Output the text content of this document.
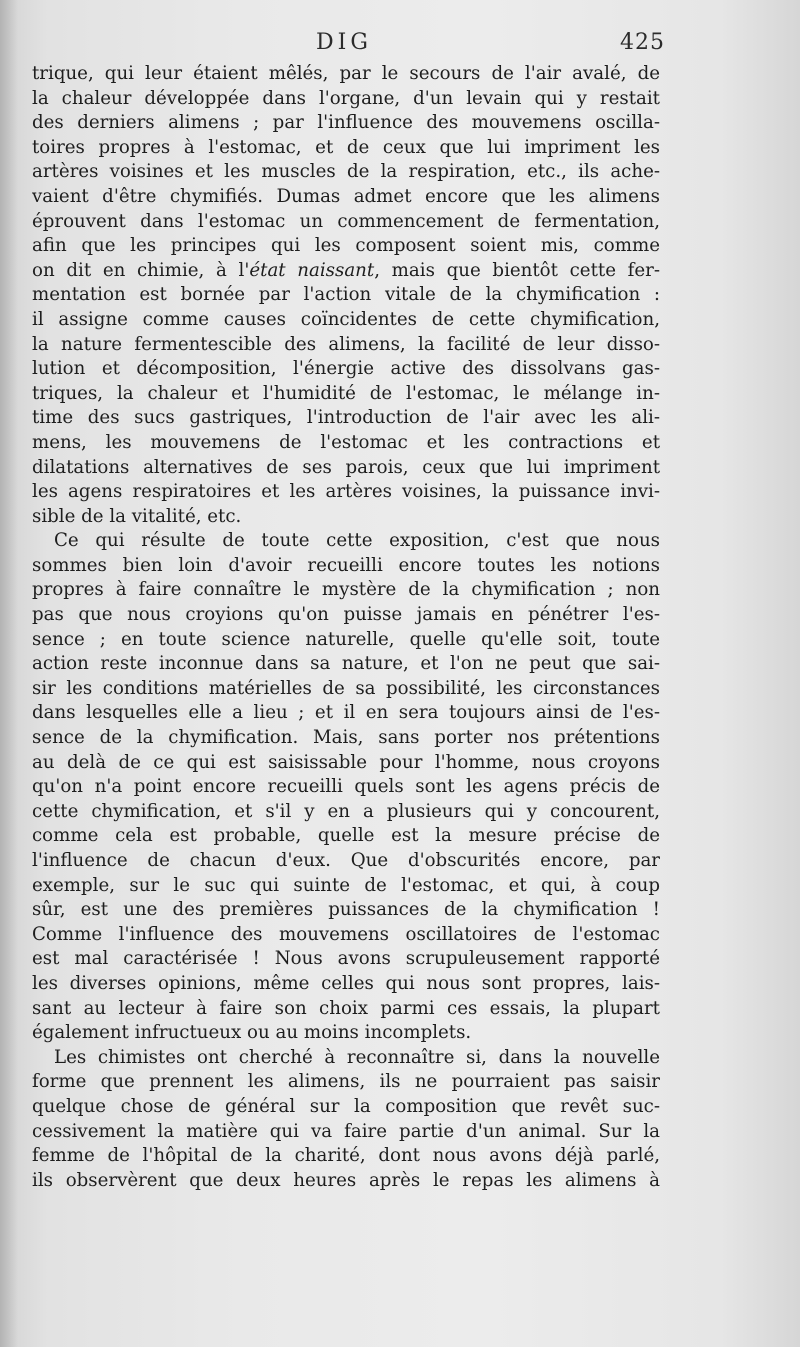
DIG	425
trique, qui leur étaient mêlés, par le secours de l'air avalé, de
la chaleur développée dans l'organe, d'un levain qui y restait
des derniers alimens ; par l'influence des mouvemens oscilla-
toires propres à l'estomac, et de ceux que lui impriment les
artères voisines et les muscles de la respiration, etc., ils ache-
vaient d'être chymifiés. Dumas admet encore que les alimens
éprouvent dans l'estomac un commencement de fermentation,
afin que les principes qui les composent soient mis, comme
on dit en chimie, à l'état naissant, mais que bientôt cette fer-
mentation est bornée par l'action vitale de la chymification :
il assigne comme causes coïncidentes de cette chymification,
la nature fermentescible des alimens, la facilité de leur disso-
lution et décomposition, l'énergie active des dissolvans gas-
triques, la chaleur et l'humidité de l'estomac, le mélange in-
time des sucs gastriques, l'introduction de l'air avec les ali-
mens, les mouvemens de l'estomac et les contractions et
dilatations alternatives de ses parois, ceux que lui impriment
les agens respiratoires et les artères voisines, la puissance invi-
sible de la vitalité, etc.
Ce qui résulte de toute cette exposition, c'est que nous
sommes bien loin d'avoir recueilli encore toutes les notions
propres à faire connaître le mystère de la chymification ; non
pas que nous croyions qu'on puisse jamais en pénétrer l'es-
sence ; en toute science naturelle, quelle qu'elle soit, toute
action reste inconnue dans sa nature, et l'on ne peut que sai-
sir les conditions matérielles de sa possibilité, les circonstances
dans lesquelles elle a lieu ; et il en sera toujours ainsi de l'es-
sence de la chymification. Mais, sans porter nos prétentions
au delà de ce qui est saisissable pour l'homme, nous croyons
qu'on n'a point encore recueilli quels sont les agens précis de
cette chymification, et s'il y en a plusieurs qui y concourent,
comme cela est probable, quelle est la mesure précise de
l'influence de chacun d'eux. Que d'obscurités encore, par
exemple, sur le suc qui suinte de l'estomac, et qui, à coup
sûr, est une des premières puissances de la chymification !
Comme l'influence des mouvemens oscillatoires de l'estomac
est mal caractérisée ! Nous avons scrupuleusement rapporté
les diverses opinions, même celles qui nous sont propres, lais-
sant au lecteur à faire son choix parmi ces essais, la plupart
également infructueux ou au moins incomplets.
Les chimistes ont cherché à reconnaître si, dans la nouvelle
forme que prennent les alimens, ils ne pourraient pas saisir
quelque chose de général sur la composition que revêt suc-
cessivement la matière qui va faire partie d'un animal. Sur la
femme de l'hôpital de la charité, dont nous avons déjà parlé,
ils observèrent que deux heures après le repas les alimens à
